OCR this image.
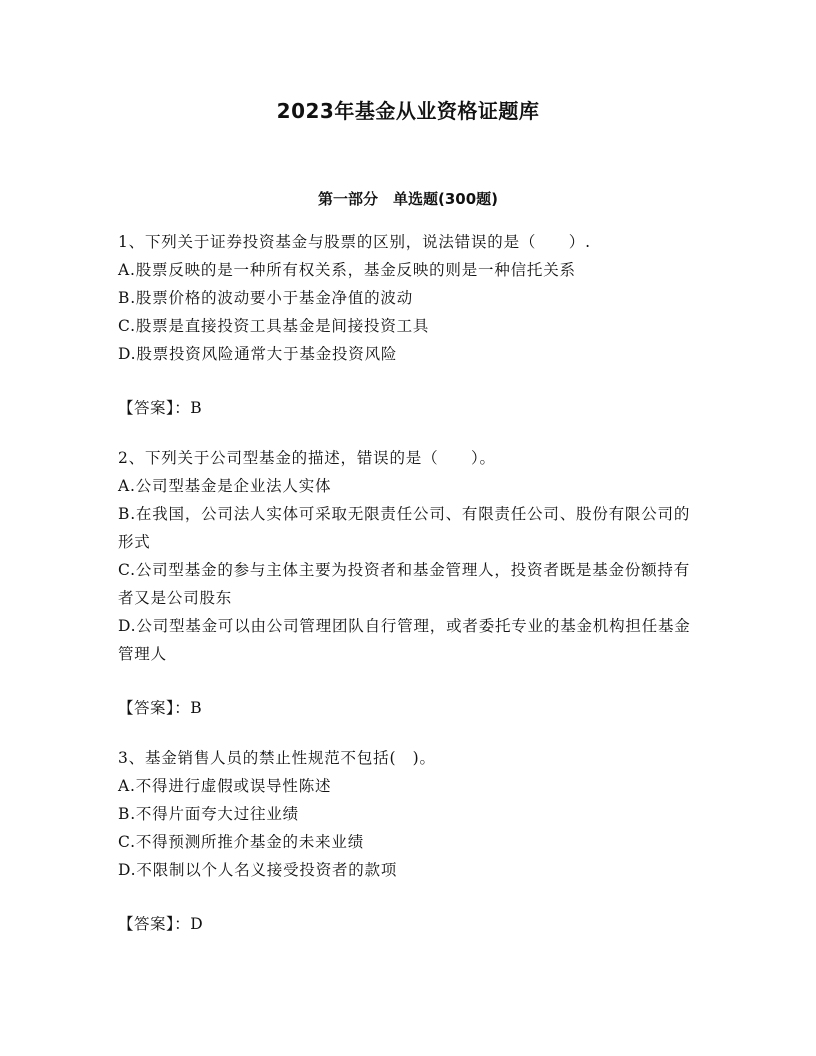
2023年基金从业资格证题库
第一部分　单选题(300题)

1、下列关于证券投资基金与股票的区别，说法错误的是（　　）.

A.股票反映的是一种所有权关系，基金反映的则是一种信托关系

B.股票价格的波动要小于基金净值的波动

C.股票是直接投资工具基金是间接投资工具

D.股票投资风险通常大于基金投资风险

【答案】：B

2、下列关于公司型基金的描述，错误的是（　　）。

A.公司型基金是企业法人实体

B.在我国，公司法人实体可采取无限责任公司、有限责任公司、股份有限公司的形式

C.公司型基金的参与主体主要为投资者和基金管理人，投资者既是基金份额持有者又是公司股东

D.公司型基金可以由公司管理团队自行管理，或者委托专业的基金机构担任基金管理人

【答案】：B

3、基金销售人员的禁止性规范不包括(　)。

A.不得进行虚假或误导性陈述

B.不得片面夸大过往业绩

C.不得预测所推介基金的未来业绩

D.不限制以个人名义接受投资者的款项

【答案】：D
